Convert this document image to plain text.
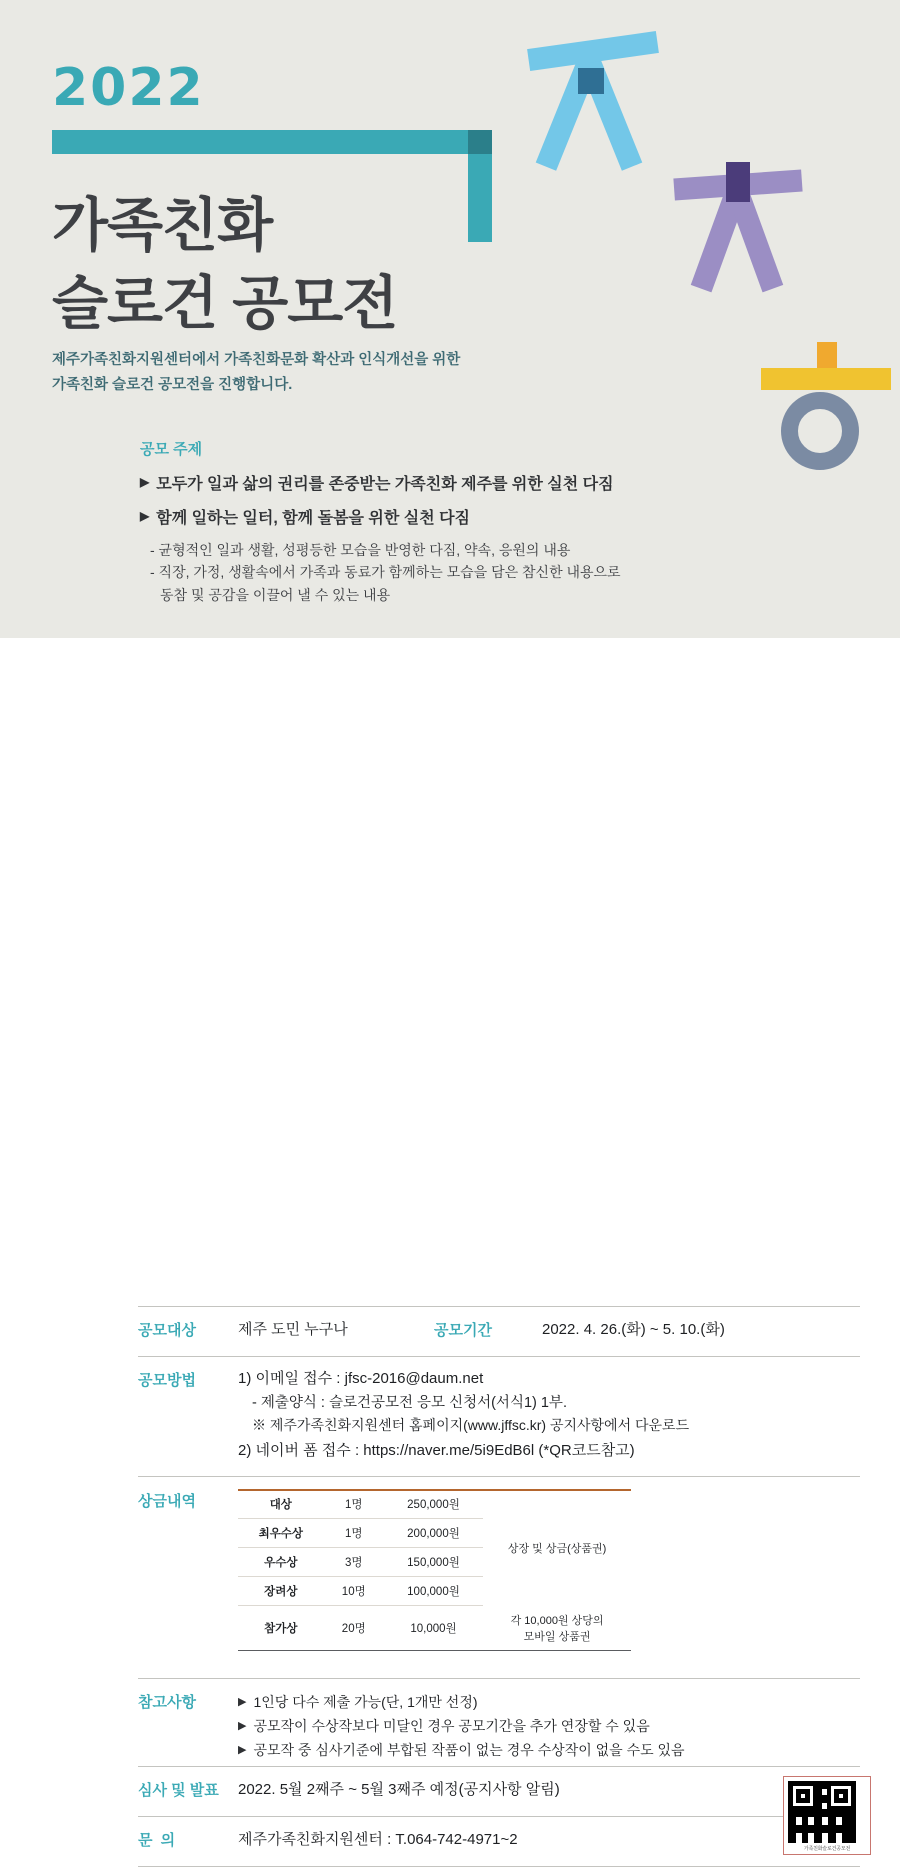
2022
가족친화
슬로건 공모전
제주가족친화지원센터에서 가족친화문화 확산과 인식개선을 위한
가족친화 슬로건 공모전을 진행합니다.
공모 주제
▶ 모두가 일과 삶의 권리를 존중받는 가족친화 제주를 위한 실천 다짐
▶ 함께 일하는 일터, 함께 돌봄을 위한 실천 다짐
- 균형적인 일과 생활, 성평등한 모습을 반영한 다짐, 약속, 응원의 내용
- 직장, 가정, 생활속에서 가족과 동료가 함께하는 모습을 담은 참신한 내용으로
동참 및 공감을 이끌어 낼 수 있는 내용
공모대상	제주 도민 누구나	공모기간	2022. 4. 26.(화) ~ 5. 10.(화)
공모방법	1) 이메일 접수 : jfsc-2016@daum.net
- 제출양식 : 슬로건공모전 응모 신청서(서식1) 1부.
※ 제주가족친화지원센터 홈페이지(www.jffsc.kr) 공지사항에서 다운로드
2) 네이버 폼 접수 : https://naver.me/5i9EdB6l (*QR코드참고)
상금내역	대상	1명	250,000원	상장 및 상금(상품권)
최우수상	1명	200,000원	
우수상	3명	150,000원	
장려상	10명	100,000원	
참가상	20명	10,000원	각 10,000원 상당의
모바일 상품권
참고사항	▶ 1인당 다수 제출 가능(단, 1개만 선정)
▶ 공모작이 수상작보다 미달인 경우 공모기간을 추가 연장할 수 있음
▶ 공모작 중 심사기준에 부합된 작품이 없는 경우 수상작이 없을 수도 있음
심사 및 발표 2022. 5월 2째주 ~ 5월 3째주 예정(공지사항 알림)
문 의	제주가족친화지원센터 : T.064-742-4971~2
가족친화슬로건공모전
